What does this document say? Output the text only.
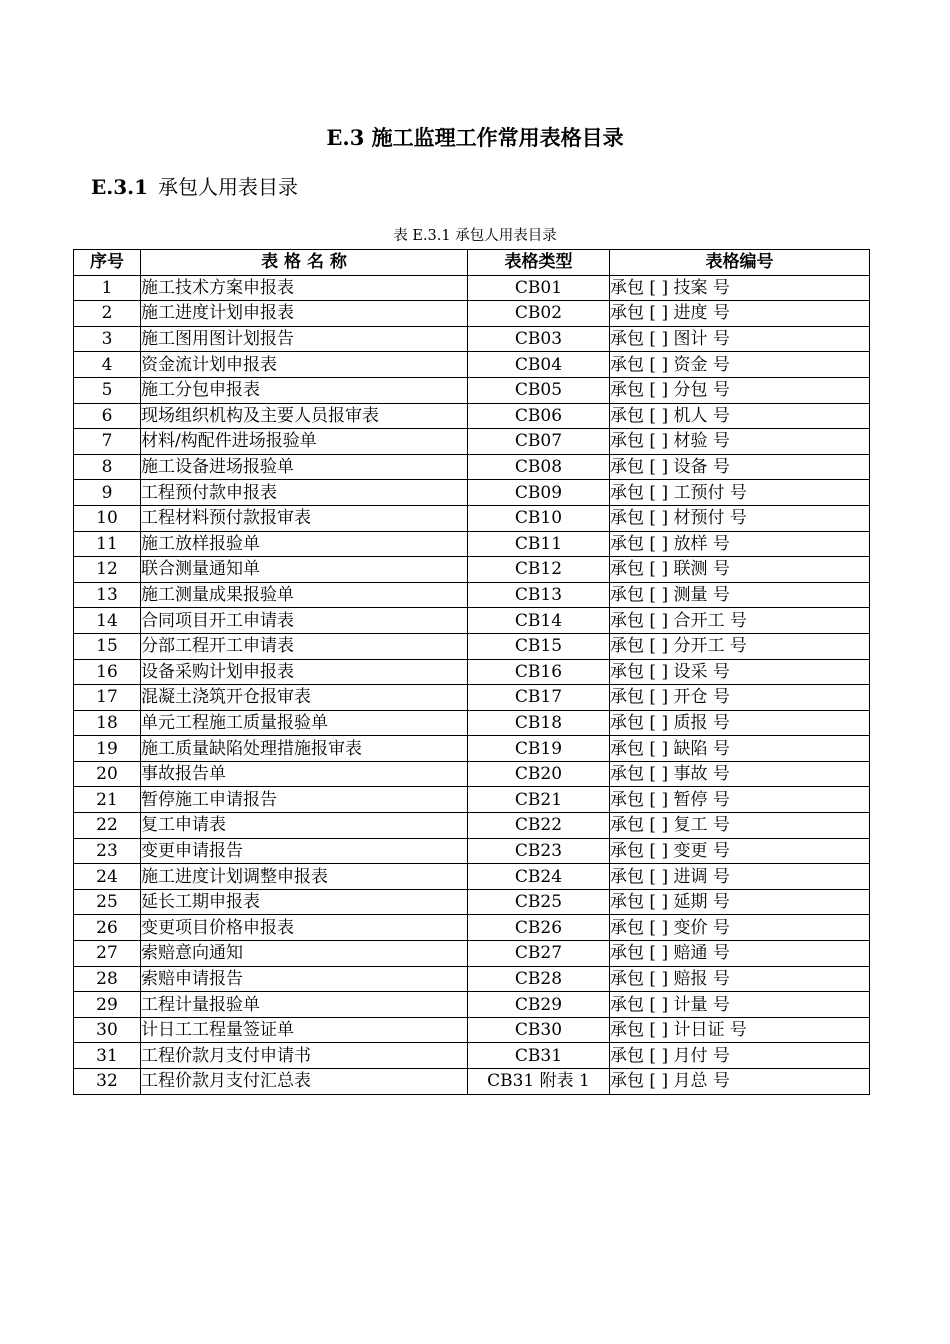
E.3 施工监理工作常用表格目录
E.3.1 承包人用表目录
表 E.3.1 承包人用表目录
序号	表 格 名 称	表格类型	表格编号
1	施工技术方案申报表	CB01	承包 [ ] 技案 号
2	施工进度计划申报表	CB02	承包 [ ] 进度 号
3	施工图用图计划报告	CB03	承包 [ ] 图计 号
4	资金流计划申报表	CB04	承包 [ ] 资金 号
5	施工分包申报表	CB05	承包 [ ] 分包 号
6	现场组织机构及主要人员报审表	CB06	承包 [ ] 机人 号
7	材料/构配件进场报验单	CB07	承包 [ ] 材验 号
8	施工设备进场报验单	CB08	承包 [ ] 设备 号
9	工程预付款申报表	CB09	承包 [ ] 工预付 号
10	工程材料预付款报审表	CB10	承包 [ ] 材预付 号
11	施工放样报验单	CB11	承包 [ ] 放样 号
12	联合测量通知单	CB12	承包 [ ] 联测 号
13	施工测量成果报验单	CB13	承包 [ ] 测量 号
14	合同项目开工申请表	CB14	承包 [ ] 合开工 号
15	分部工程开工申请表	CB15	承包 [ ] 分开工 号
16	设备采购计划申报表	CB16	承包 [ ] 设采 号
17	混凝土浇筑开仓报审表	CB17	承包 [ ] 开仓 号
18	单元工程施工质量报验单	CB18	承包 [ ] 质报 号
19	施工质量缺陷处理措施报审表	CB19	承包 [ ] 缺陷 号
20	事故报告单	CB20	承包 [ ] 事故 号
21	暂停施工申请报告	CB21	承包 [ ] 暂停 号
22	复工申请表	CB22	承包 [ ] 复工 号
23	变更申请报告	CB23	承包 [ ] 变更 号
24	施工进度计划调整申报表	CB24	承包 [ ] 进调 号
25	延长工期申报表	CB25	承包 [ ] 延期 号
26	变更项目价格申报表	CB26	承包 [ ] 变价 号
27	索赔意向通知	CB27	承包 [ ] 赔通 号
28	索赔申请报告	CB28	承包 [ ] 赔报 号
29	工程计量报验单	CB29	承包 [ ] 计量 号
30	计日工工程量签证单	CB30	承包 [ ] 计日证 号
31	工程价款月支付申请书	CB31	承包 [ ] 月付 号
32	工程价款月支付汇总表	CB31 附表 1	承包 [ ] 月总 号
